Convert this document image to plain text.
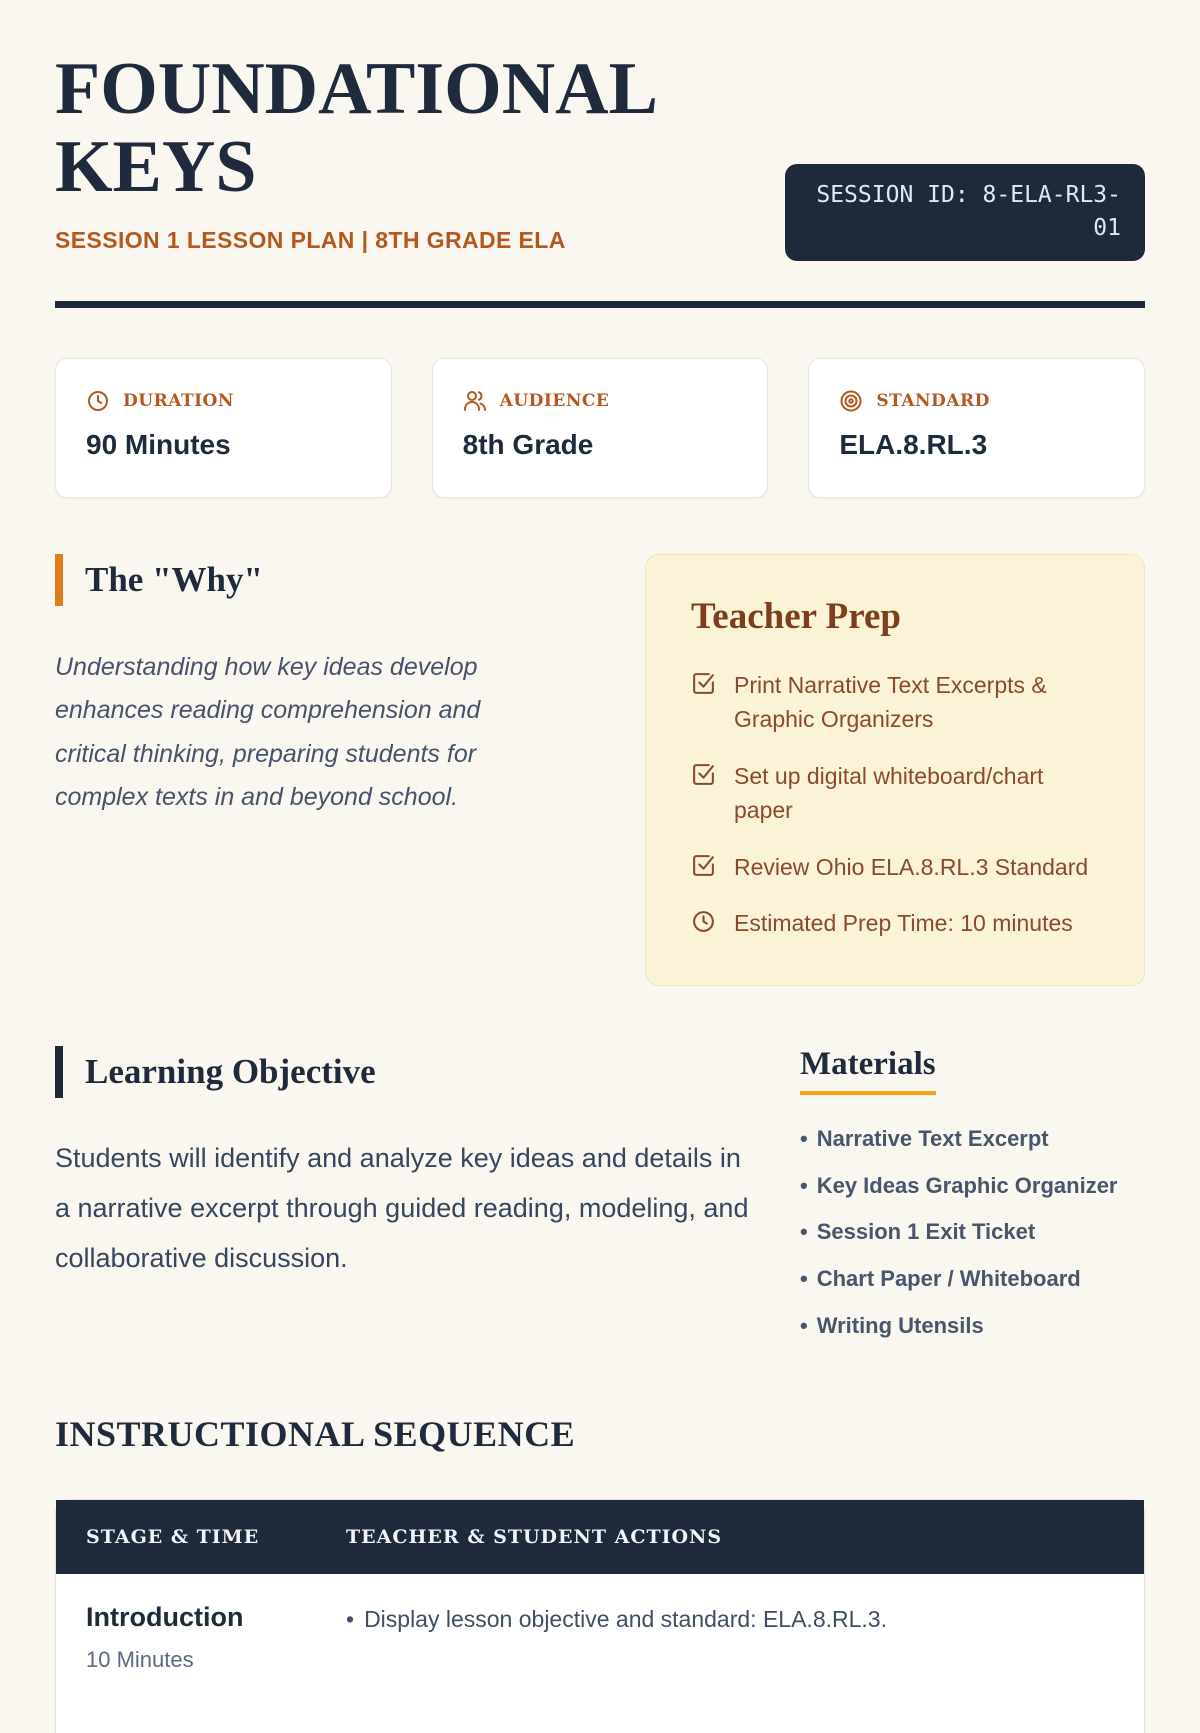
FOUNDATIONAL
KEYS
SESSION 1 LESSON PLAN | 8TH GRADE ELA
SESSION ID: 8-ELA-RL3-01
DURATION
90 Minutes
AUDIENCE
8th Grade
STANDARD
ELA.8.RL.3
The "Why"

Understanding how key ideas develop enhances reading comprehension and critical thinking, preparing students for complex texts in and beyond school.

Teacher Prep
Print Narrative Text Excerpts & Graphic Organizers
Set up digital whiteboard/chart paper
Review Ohio ELA.8.RL.3 Standard
Estimated Prep Time: 10 minutes
Learning Objective

Students will identify and analyze key ideas and details in a narrative excerpt through guided reading, modeling, and collaborative discussion.

Materials
• Narrative Text Excerpt
• Key Ideas Graphic Organizer
• Session 1 Exit Ticket
• Chart Paper / Whiteboard
• Writing Utensils
INSTRUCTIONAL SEQUENCE
STAGE & TIME	TEACHER & STUDENT ACTIONS
Introduction
10 Minutes
• Display lesson objective and standard: ELA.8.RL.3.
